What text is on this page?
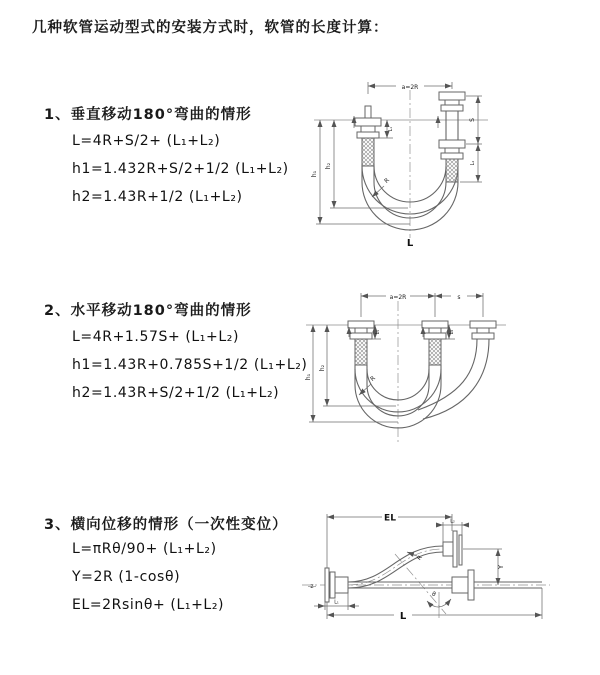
几种软管运动型式的安装方式时，软管的长度计算：
1、垂直移动180°弯曲的情形
L=4R+S/2+ (L₁+L₂)
h1=1.432R+S/2+1/2 (L₁+L₂)
h2=1.43R+1/2 (L₁+L₂)
2、水平移动180°弯曲的情形
L=4R+1.57S+ (L₁+L₂)
h1=1.43R+0.785S+1/2 (L₁+L₂)
h2=1.43R+S/2+1/2 (L₁+L₂)
3、横向位移的情形（一次性变位）
L=πRθ/90+ (L₁+L₂)
Y=2R (1-cosθ)
EL=2Rsinθ+ (L₁+L₂)
a=2R
h₁
h₂
L₁
S
L₂
R
L
a=2R	s
h₁
h₂
L₁	L₂
R
z
EL	L₂
Y
L₁
L
θ
R
